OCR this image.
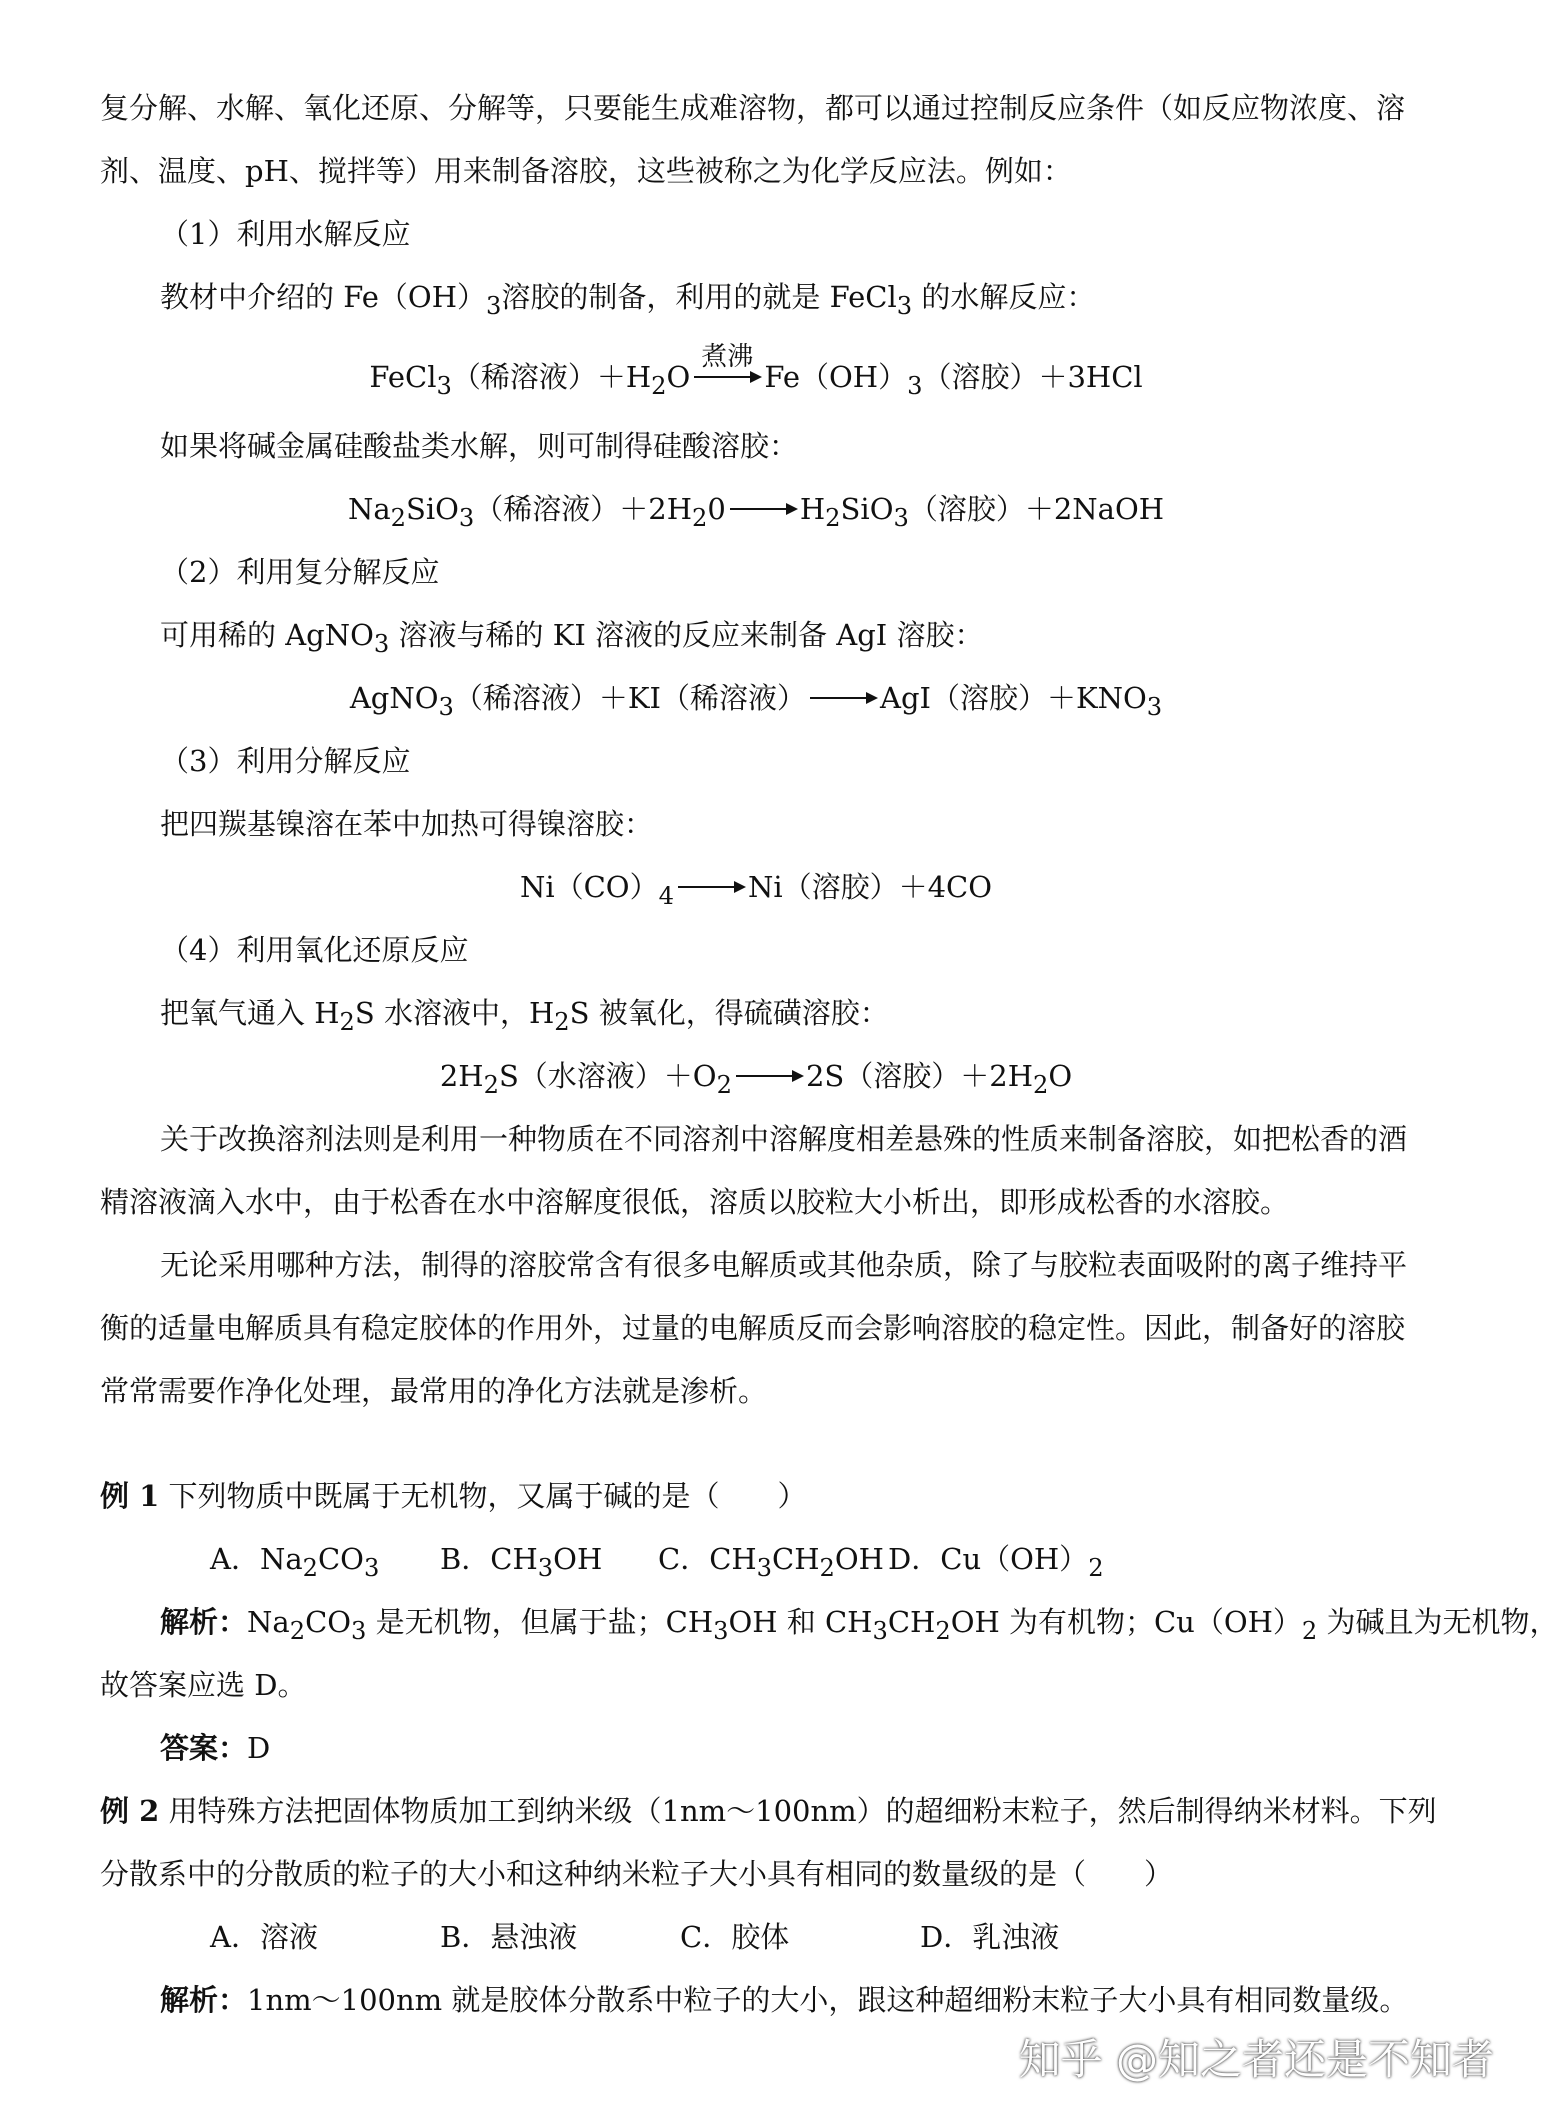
复分解、水解、氧化还原、分解等，只要能生成难溶物，都可以通过控制反应条件（如反应物浓度、溶
剂、温度、pH、搅拌等）用来制备溶胶，这些被称之为化学反应法。例如：
（1）利用水解反应
教材中介绍的 $Fe(OH)_3$溶胶的制备，利用的就是 FeCl$_3$ 的水解反应：
FeCl$_3$（稀溶液）$+H_2O$
煮沸
$Fe(OH)_3$（溶胶）＋3HCl
如果将碱金属硅酸盐类水解，则可制得硅酸溶胶：
$Na_2SiO_3$（稀溶液）$+2H_20 \to H_2SiO_3$（溶胶）＋2NaOH
（2）利用复分解反应
可用稀的 AgNO$_3$ 溶液与稀的 KI 溶液的反应来制备 AgI 溶胶：
AgNO$_3$（稀溶液）＋KI（稀溶液） → AgI（溶胶）$+KNO_3$
（3）利用分解反应
把四羰基镍溶在苯中加热可得镍溶胶：
$Ni(CO)_4 \to Ni$（溶胶）＋4CO
（4）利用氧化还原反应
把氧气通入 $H_2S$ 水溶液中，$H_2S$ 被氧化，得硫磺溶胶：
$2H_2S$（水溶液）$+O_2 \to 2S$（溶胶）$+2H_2O$
关于改换溶剂法则是利用一种物质在不同溶剂中溶解度相差悬殊的性质来制备溶胶，如把松香的酒
精溶液滴入水中，由于松香在水中溶解度很低，溶质以胶粒大小析出，即形成松香的水溶胶。
无论采用哪种方法，制得的溶胶常含有很多电解质或其他杂质，除了与胶粒表面吸附的离子维持平
衡的适量电解质具有稳定胶体的作用外，过量的电解质反而会影响溶胶的稳定性。因此，制备好的溶胶
常常需要作净化处理，最常用的净化方法就是渗析。
例 1 下列物质中既属于无机物，又属于碱的是（　　）
A．$Na_2CO_3$ B．$CH_3OH$ C．$CH_3CH_2OH$ D．$Cu(OH)_2$
解析：$Na_2CO_3$ 是无机物，但属于盐；$CH_3OH$ 和 $CH_3CH_2OH$ 为有机物；$Cu(OH)_2$ 为碱且为无机物，
故答案应选 D。
答案：D
例 2 用特殊方法把固体物质加工到纳米级（1nm～100nm）的超细粉末粒子，然后制得纳米材料。下列
分散系中的分散质的粒子的大小和这种纳米粒子大小具有相同的数量级的是（　　）
A．溶液	B．悬浊液	C．胶体	D．乳浊液
解析：1nm～100nm 就是胶体分散系中粒子的大小，跟这种超细粉末粒子大小具有相同数量级。
知乎 @知之者还是不知者
